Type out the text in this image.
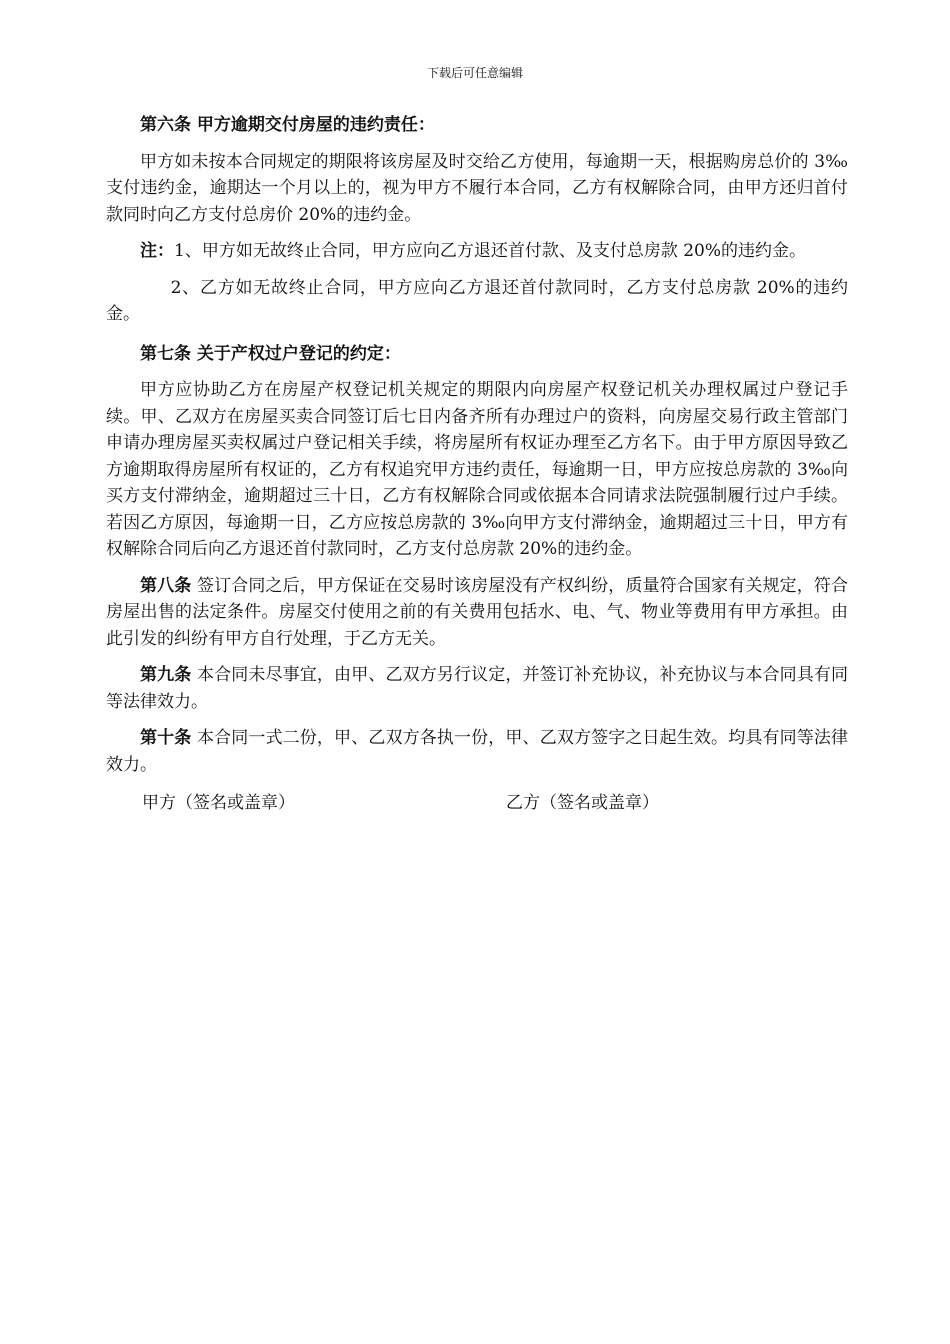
下载后可任意编辑

第六条 甲方逾期交付房屋的违约责任：

甲方如未按本合同规定的期限将该房屋及时交给乙方使用，每逾期一天，根据购房总价的 3‰支付违约金，逾期达一个月以上的，视为甲方不履行本合同，乙方有权解除合同，由甲方还归首付款同时向乙方支付总房价 20%的违约金。

注：1、甲方如无故终止合同，甲方应向乙方退还首付款、及支付总房款 20%的违约金。

2、乙方如无故终止合同，甲方应向乙方退还首付款同时，乙方支付总房款 20%的违约金。

第七条 关于产权过户登记的约定：

甲方应协助乙方在房屋产权登记机关规定的期限内向房屋产权登记机关办理权属过户登记手续。甲、乙双方在房屋买卖合同签订后七日内备齐所有办理过户的资料，向房屋交易行政主管部门申请办理房屋买卖权属过户登记相关手续，将房屋所有权证办理至乙方名下。由于甲方原因导致乙方逾期取得房屋所有权证的，乙方有权追究甲方违约责任，每逾期一日，甲方应按总房款的 3‰向买方支付滞纳金，逾期超过三十日，乙方有权解除合同或依据本合同请求法院强制履行过户手续。若因乙方原因，每逾期一日，乙方应按总房款的 3‰向甲方支付滞纳金，逾期超过三十日，甲方有权解除合同后向乙方退还首付款同时，乙方支付总房款 20%的违约金。

第八条 签订合同之后，甲方保证在交易时该房屋没有产权纠纷，质量符合国家有关规定，符合房屋出售的法定条件。房屋交付使用之前的有关费用包括水、电、气、物业等费用有甲方承担。由此引发的纠纷有甲方自行处理，于乙方无关。

第九条 本合同未尽事宜，由甲、乙双方另行议定，并签订补充协议，补充协议与本合同具有同等法律效力。

第十条 本合同一式二份，甲、乙双方各执一份，甲、乙双方签字之日起生效。均具有同等法律效力。

甲方（签名或盖章）	乙方（签名或盖章）
